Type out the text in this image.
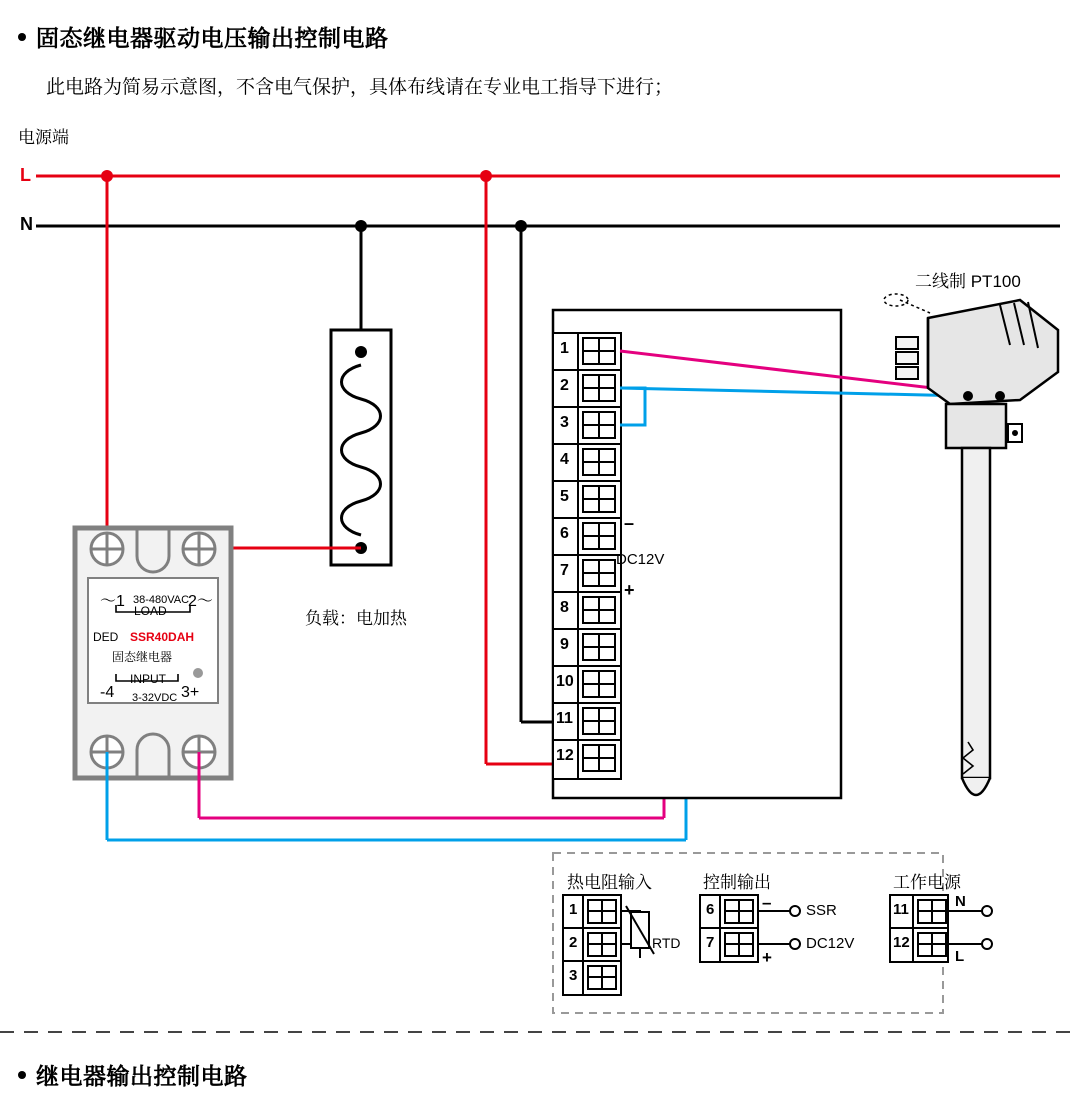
固态继电器驱动电压输出控制电路
此电路为简易示意图，不含电气保护，具体布线请在专业电工指导下进行；
电源端
L
N
负载：电加热
二线制 PT100
1
2
3
4
5
6
7
8
9
10
11
12
–
DC12V
+
～1 38-480VAC
2～
LOAD
DED SSR40DAH
固态继电器
INPUT
3-32VDC
-4	3+
热电阻输入	控制输出	工作电源
1
2
3
RTD
6
7
–
+
SSR
DC12V
11
12
N
L
继电器输出控制电路
